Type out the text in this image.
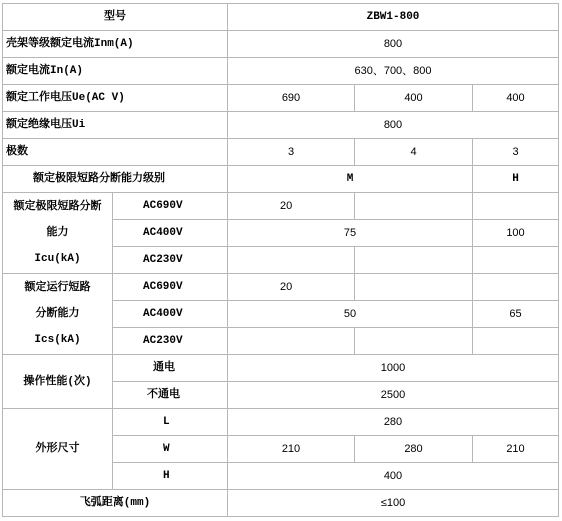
型号		ZBW1-800		
壳架等级额定电流Inm(A)		800		
额定电流In(A)		630、700、800		
额定工作电压Ue(AC V)		690	400	400
额定绝缘电压Ui		800		
极数		3	4	3
额定极限短路分断能力级别		M		H

额定极限短路分断
能力
Icu(kA)	AC690V	20		
	AC400V	75		100
	AC230V			

额定运行短路
分断能力
Ics(kA)	AC690V	20		
	AC400V	50		65
	AC230V			
操作性能(次)	通电	1000		
	不通电	2500		
外形尺寸	L	280		
	W	210	280	210
	H	400		
飞弧距离(mm)		≤100		
